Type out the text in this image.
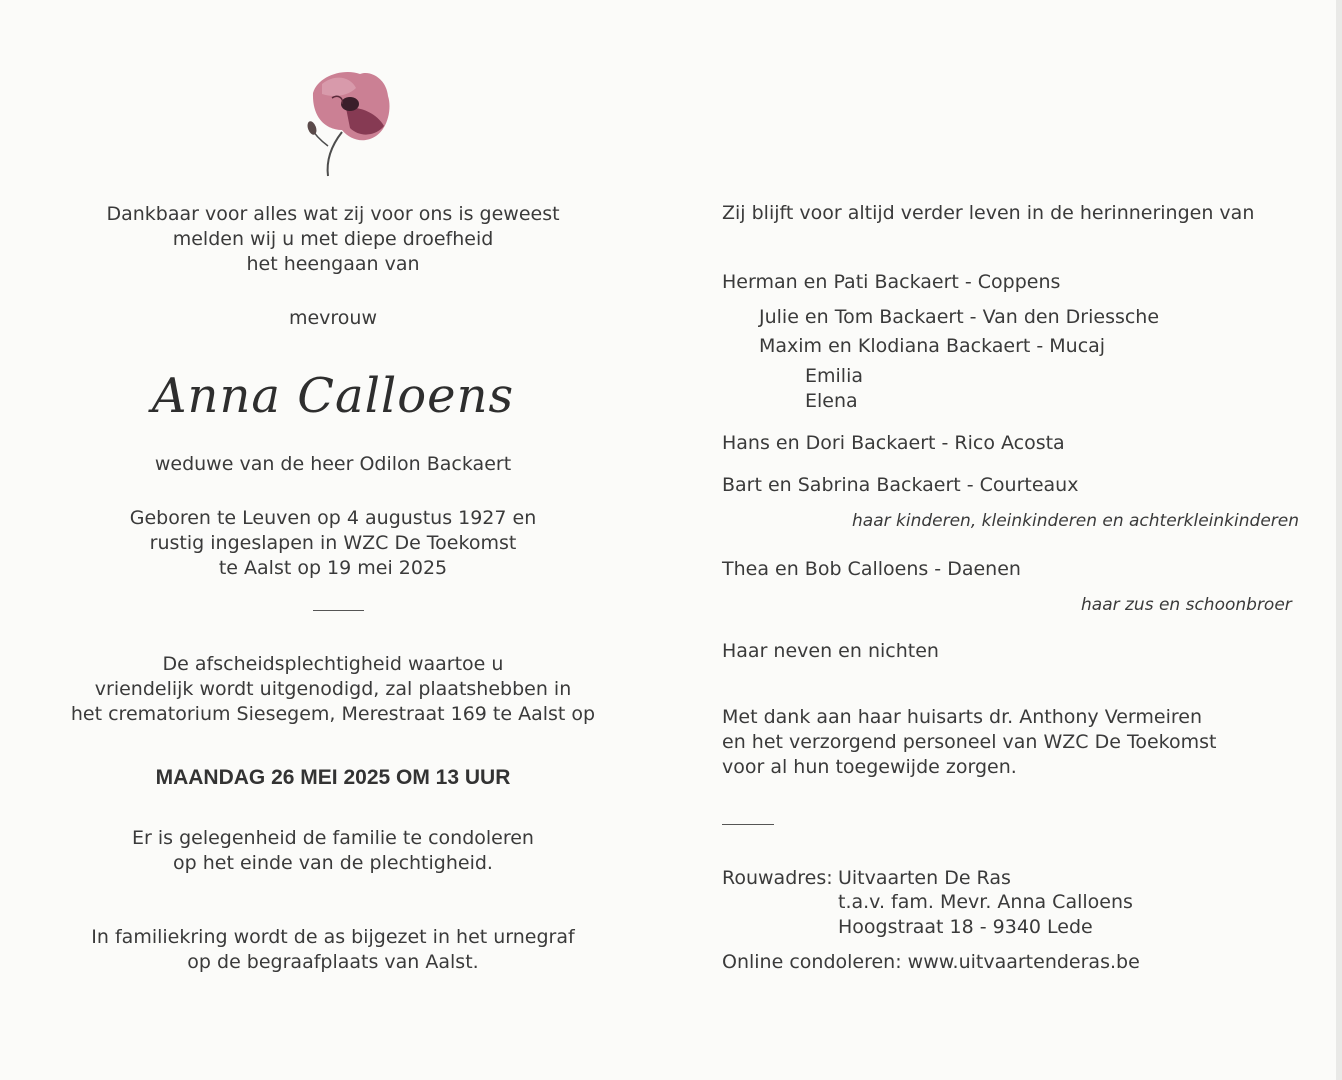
Dankbaar voor alles wat zij voor ons is geweest
melden wij u met diepe droefheid
het heengaan van
mevrouw
Anna Calloens
weduwe van de heer Odilon Backaert
Geboren te Leuven op 4 augustus 1927 en
rustig ingeslapen in WZC De Toekomst
te Aalst op 19 mei 2025
De afscheidsplechtigheid waartoe u
vriendelijk wordt uitgenodigd, zal plaatshebben in
het crematorium Siesegem, Merestraat 169 te Aalst op
MAANDAG 26 MEI 2025 OM 13 UUR
Er is gelegenheid de familie te condoleren
op het einde van de plechtigheid.
In familiekring wordt de as bijgezet in het urnegraf
op de begraafplaats van Aalst.
Zij blijft voor altijd verder leven in de herinneringen van
Herman en Pati Backaert - Coppens
Julie en Tom Backaert - Van den Driessche
Maxim en Klodiana Backaert - Mucaj
Emilia
Elena
Hans en Dori Backaert - Rico Acosta
Bart en Sabrina Backaert - Courteaux
haar kinderen, kleinkinderen en achterkleinkinderen
Thea en Bob Calloens - Daenen
haar zus en schoonbroer
Haar neven en nichten
Met dank aan haar huisarts dr. Anthony Vermeiren
en het verzorgend personeel van WZC De Toekomst
voor al hun toegewijde zorgen.
Rouwadres: Uitvaarten De Ras
t.a.v. fam. Mevr. Anna Calloens
Hoogstraat 18 - 9340 Lede
Online condoleren: www.uitvaartenderas.be
